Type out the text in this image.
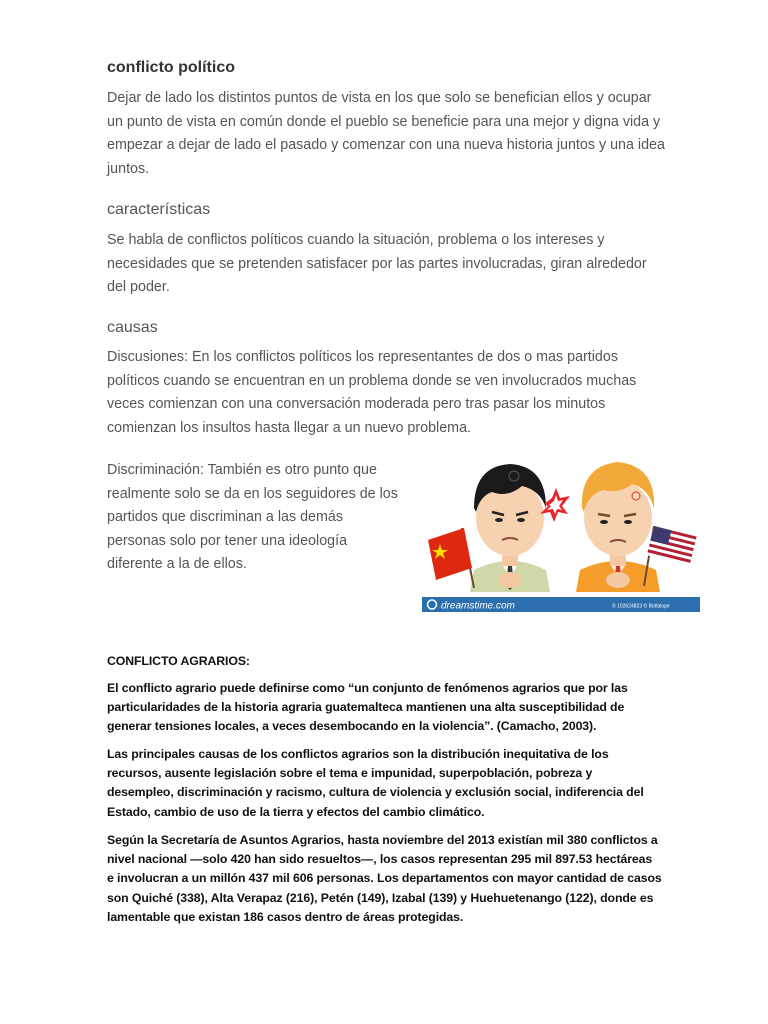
conflicto político

Dejar de lado los distintos puntos de vista en los que solo se benefician ellos y ocupar un punto de vista en común donde el pueblo se beneficie para una mejor y digna vida y empezar a dejar de lado el pasado y comenzar con una nueva historia juntos y una idea juntos.

características

Se habla de conflictos políticos cuando la situación, problema o los intereses y necesidades que se pretenden satisfacer por las partes involucradas, giran alrededor del poder.

causas

Discusiones: En los conflictos políticos los representantes de dos o mas partidos políticos cuando se encuentran en un problema donde se ven involucrados muchas veces comienzan con una conversación moderada pero tras pasar los minutos comienzan los insultos hasta llegar a un nuevo problema.

Discriminación: También es otro punto que realmente solo se da en los seguidores de los partidos que discriminan a las demás personas solo por tener una ideología diferente a la de ellos.

dreamstime.com	© 102624823 © Bottalope

CONFLICTO AGRARIOS:

El conflicto agrario puede definirse como “un conjunto de fenómenos agrarios que por las particularidades de la historia agraria guatemalteca mantienen una alta susceptibilidad de generar tensiones locales, a veces desembocando en la violencia”. (Camacho, 2003).

Las principales causas de los conflictos agrarios son la distribución inequitativa de los recursos, ausente legislación sobre el tema e impunidad, superpoblación, pobreza y desempleo, discriminación y racismo, cultura de violencia y exclusión social, indiferencia del Estado, cambio de uso de la tierra y efectos del cambio climático.

Según la Secretaría de Asuntos Agrarios, hasta noviembre del 2013 existían mil 380 conflictos a nivel nacional —solo 420 han sido resueltos—, los casos representan 295 mil 897.53 hectáreas e involucran a un millón 437 mil 606 personas. Los departamentos con mayor cantidad de casos son Quiché (338), Alta Verapaz (216), Petén (149), Izabal (139) y Huehuetenango (122), donde es lamentable que existan 186 casos dentro de áreas protegidas.
